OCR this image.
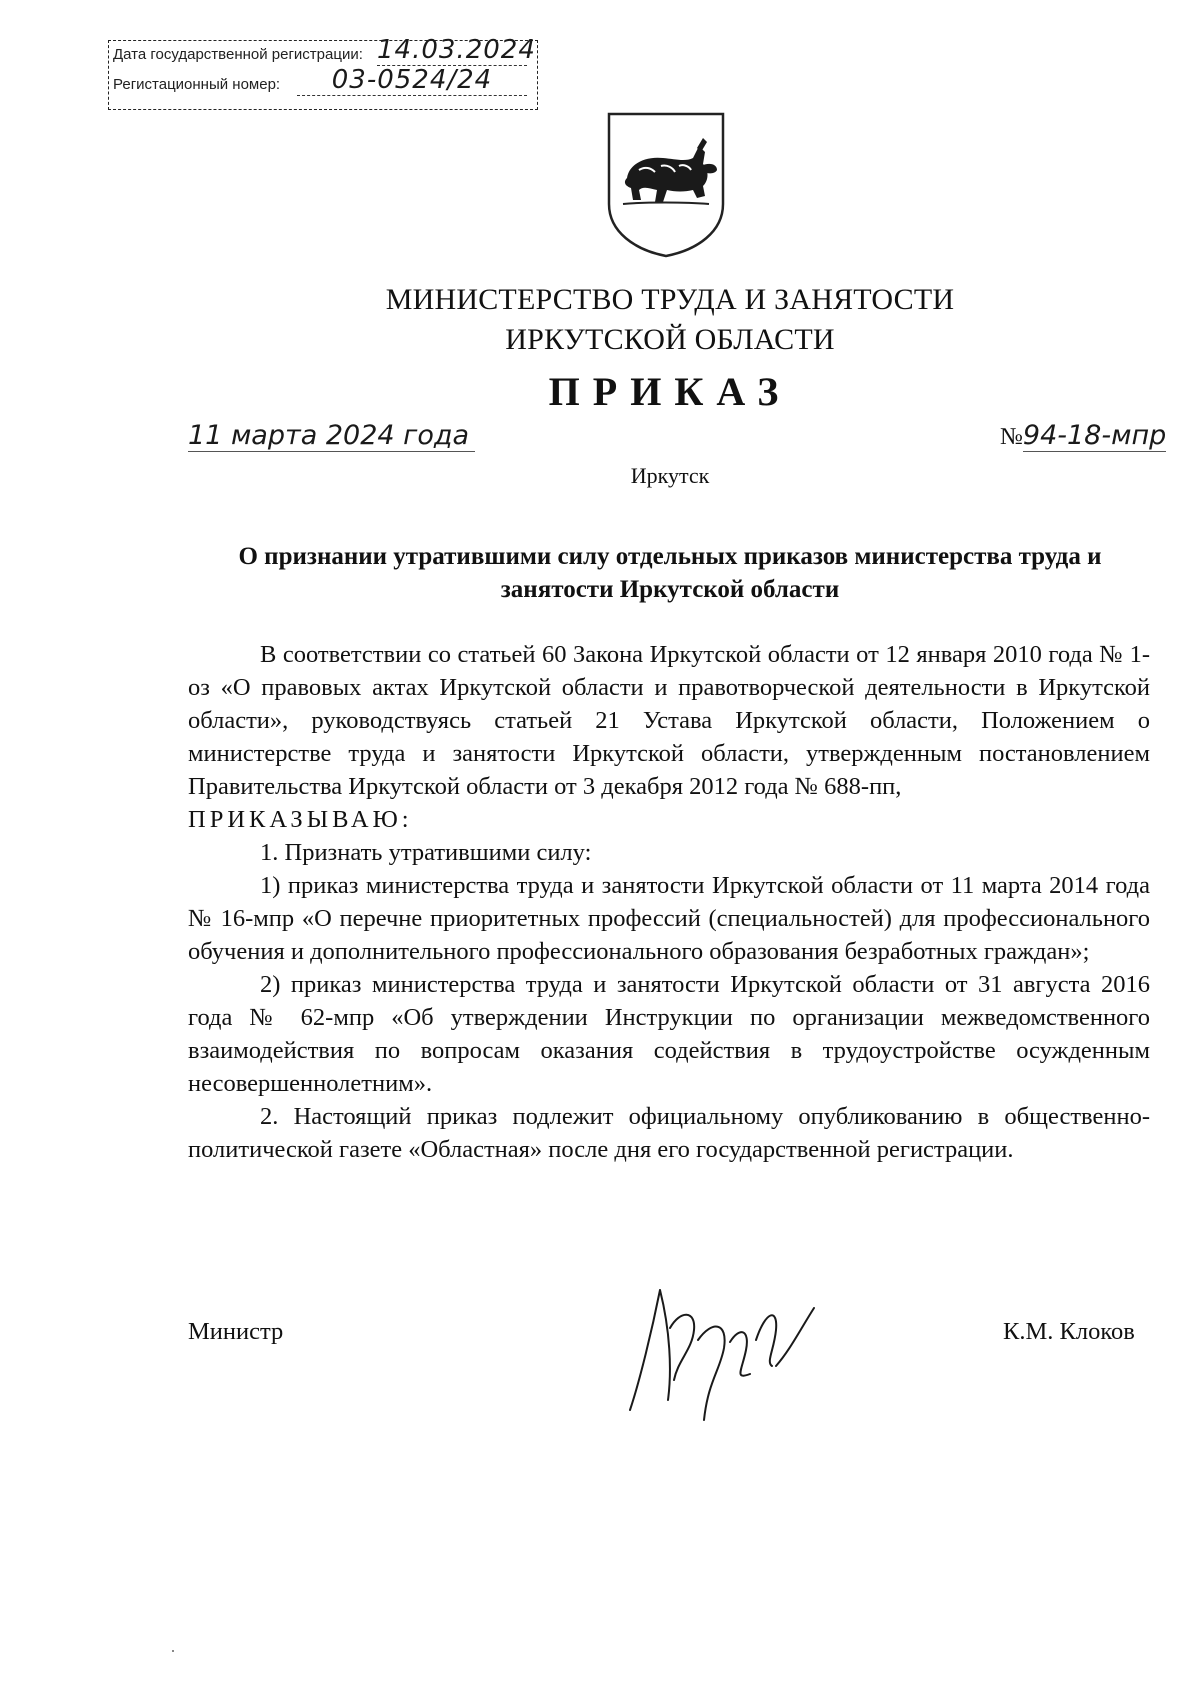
Дата государственной регистрации: 14.03.2024
Регистационный номер:	03-0524/24
МИНИСТЕРСТВО ТРУДА И ЗАНЯТОСТИ
ИРКУТСКОЙ ОБЛАСТИ
ПРИКАЗ
11 марта 2024 года	№94-18-мпр
Иркутск
О признании утратившими силу отдельных приказов министерства труда и занятости Иркутской области
В соответствии со статьей 60 Закона Иркутской области от 12 января 2010 года № 1-оз «О правовых актах Иркутской области и правотворческой деятельности в Иркутской области», руководствуясь статьей 21 Устава Иркутской области, Положением о министерстве труда и занятости Иркутской области, утвержденным постановлением Правительства Иркутской области от 3 декабря 2012 года № 688-пп,
ПРИКАЗЫВАЮ:
1. Признать утратившими силу:
1) приказ министерства труда и занятости Иркутской области от 11 марта 2014 года № 16-мпр «О перечне приоритетных профессий (специальностей) для профессионального обучения и дополнительного профессионального образования безработных граждан»;
2) приказ министерства труда и занятости Иркутской области от 31 августа 2016 года № 62-мпр «Об утверждении Инструкции по организации межведомственного взаимодействия по вопросам оказания содействия в трудоустройстве осужденным несовершеннолетним».
2. Настоящий приказ подлежит официальному опубликованию в общественно-политической газете «Областная» после дня его государственной регистрации.
Министр	К.М. Клоков
